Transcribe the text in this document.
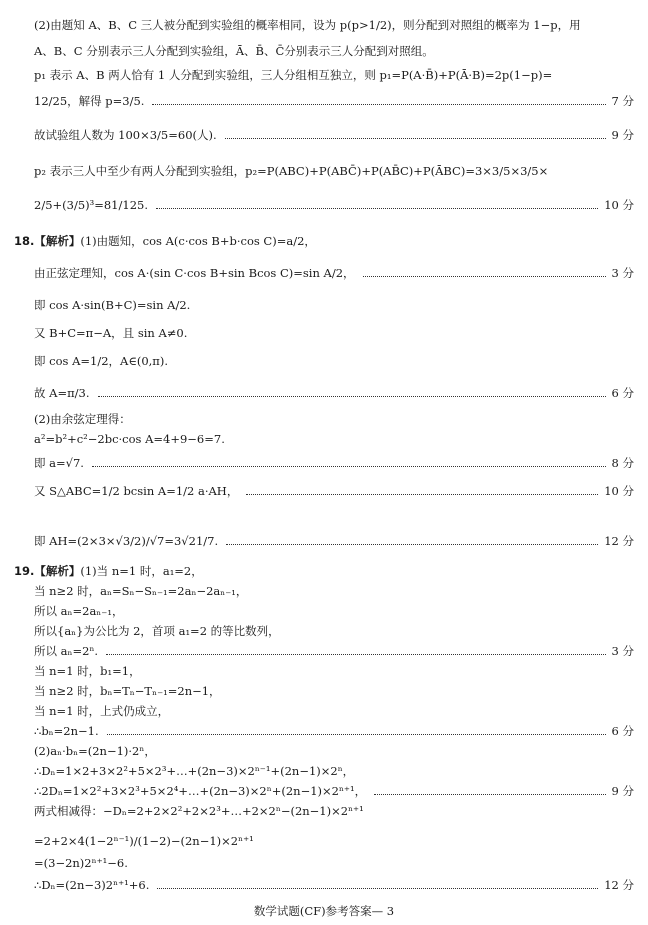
(2)由题知 A、B、C 三人被分配到实验组的概率相同，设为 p(p>1/2)，则分配到对照组的概率为 1−p，用
A、B、C 分别表示三人分配到实验组，Ā、B̄、C̄分别表示三人分配到对照组。
p₁ 表示 A、B 两人恰有 1 人分配到实验组，三人分组相互独立，则 p₁=P(A·B̄)+P(Ā·B)=2p(1−p)=
12/25，解得 p=3/5.	7 分
故试验组人数为 100×3/5=60(人).	9 分
p₂ 表示三人中至少有两人分配到实验组，p₂=P(ABC)+P(ABC̄)+P(AB̄C)+P(ĀBC)=3×3/5×3/5×
2/5+(3/5)³=81/125.	10 分
18.【解析】 (1)由题知，cos A(c·cos B+b·cos C)=a/2，
由正弦定理知，cos A·(sin C·cos B+sin Bcos C)=sin A/2，	3 分
即 cos A·sin(B+C)=sin A/2.
又 B+C=π−A，且 sin A≠0.
即 cos A=1/2，A∈(0,π).
故 A=π/3.	6 分
(2)由余弦定理得：
a²=b²+c²−2bc·cos A=4+9−6=7.
即 a=√7.	8 分
又 S△ABC=1/2 bcsin A=1/2 a·AH，	10 分
即 AH=(2×3×√3/2)/√7=3√21/7.	12 分
19.【解析】 (1)当 n=1 时，a₁=2，
当 n≥2 时，aₙ=Sₙ−Sₙ₋₁=2aₙ−2aₙ₋₁，
所以 aₙ=2aₙ₋₁，
所以{aₙ}为公比为 2，首项 a₁=2 的等比数列，
所以 aₙ=2ⁿ.	3 分
当 n=1 时，b₁=1，
当 n≥2 时，bₙ=Tₙ−Tₙ₋₁=2n−1，
当 n=1 时，上式仍成立，
∴bₙ=2n−1.	6 分
(2)aₙ·bₙ=(2n−1)·2ⁿ，
∴Dₙ=1×2+3×2²+5×2³+…+(2n−3)×2ⁿ⁻¹+(2n−1)×2ⁿ，
∴2Dₙ=1×2²+3×2³+5×2⁴+…+(2n−3)×2ⁿ+(2n−1)×2ⁿ⁺¹，	9 分
两式相减得：−Dₙ=2+2×2²+2×2³+…+2×2ⁿ−(2n−1)×2ⁿ⁺¹
=2+2×4(1−2ⁿ⁻¹)/(1−2)−(2n−1)×2ⁿ⁺¹
=(3−2n)2ⁿ⁺¹−6.
∴Dₙ=(2n−3)2ⁿ⁺¹+6.	12 分
数学试题(CF)参考答案— 3
